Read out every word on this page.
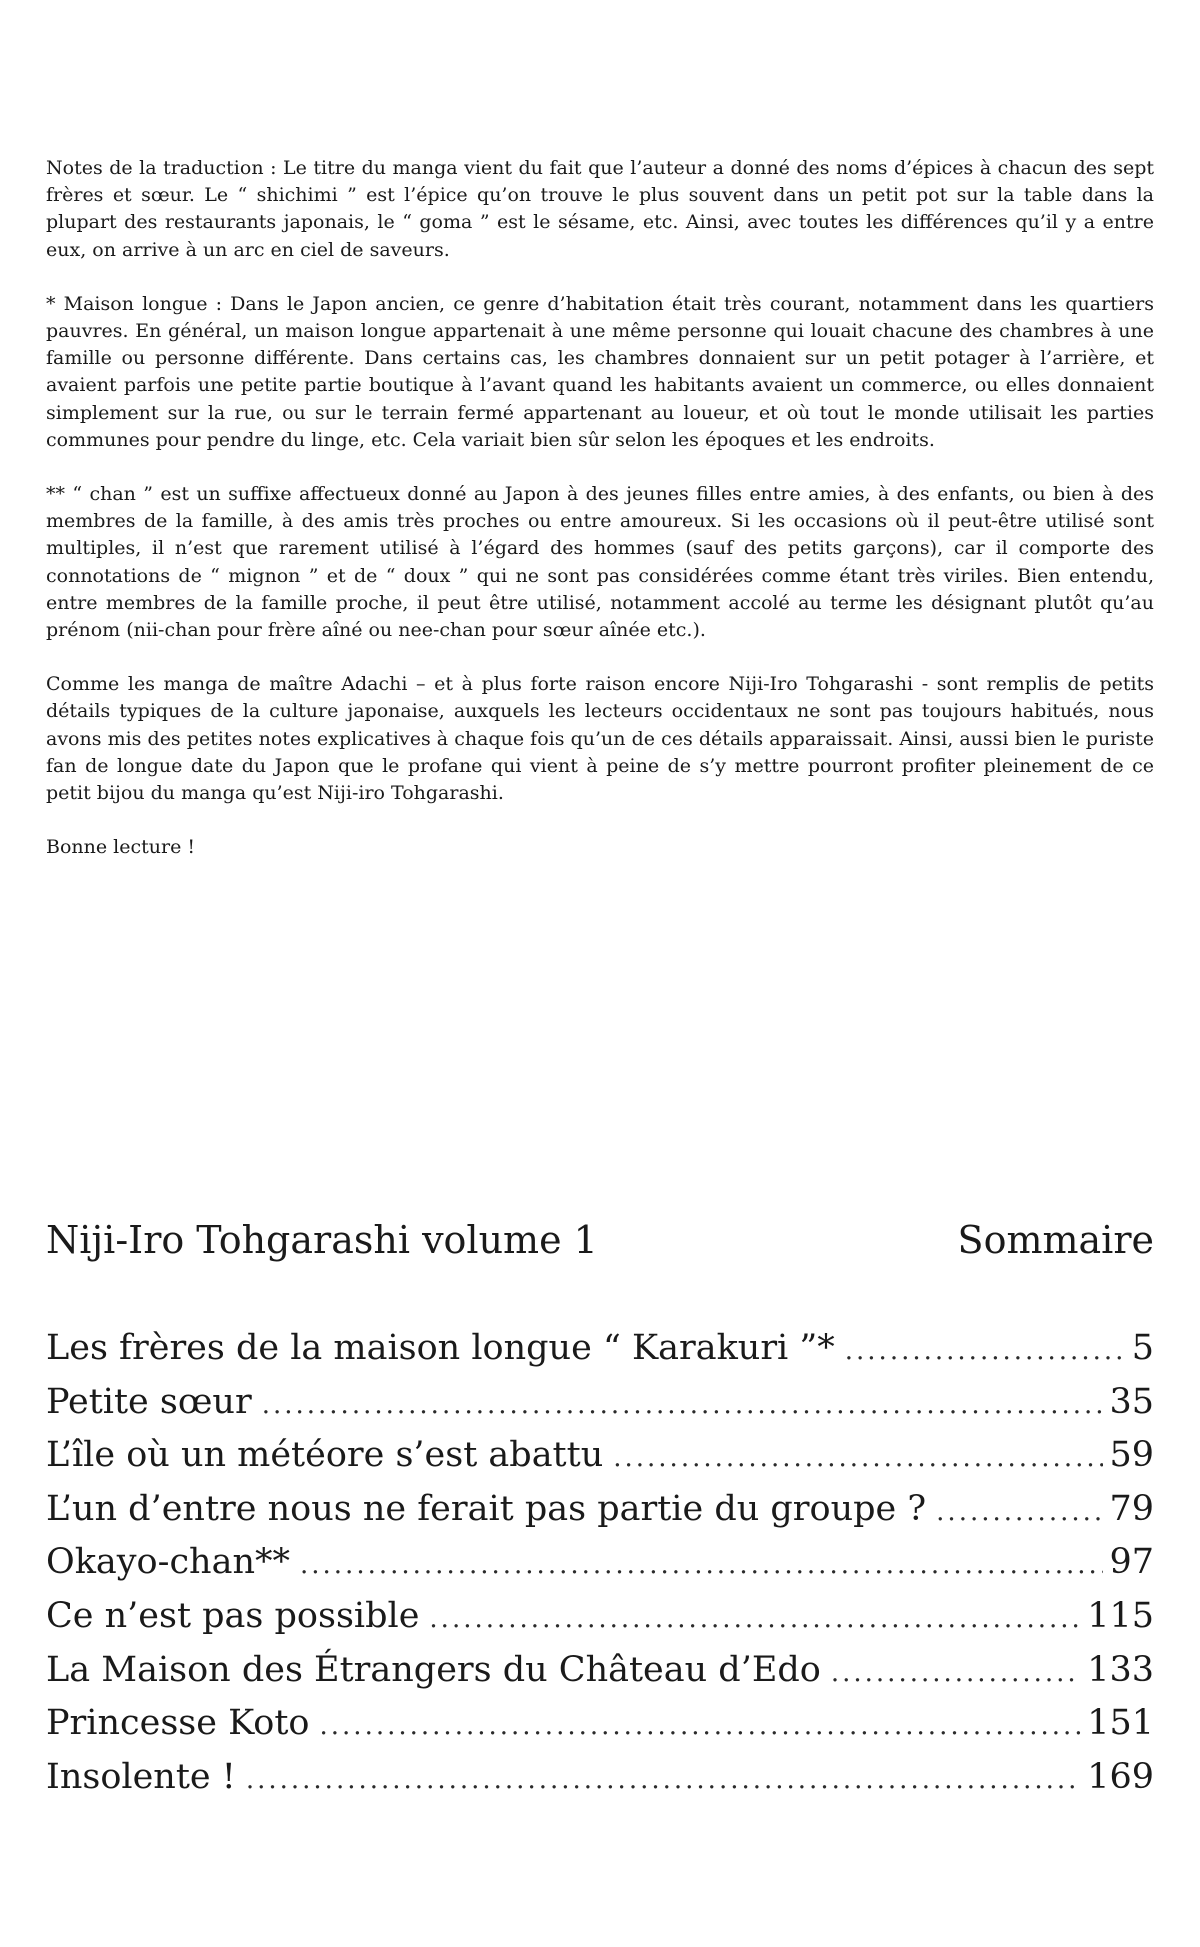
Notes de la traduction : Le titre du manga vient du fait que l’auteur a donné des noms d’épices à chacun des sept frères et sœur. Le “ shichimi ” est l’épice qu’on trouve le plus souvent dans un petit pot sur la table dans la plupart des restaurants japonais, le “ goma ” est le sésame, etc. Ainsi, avec toutes les différences qu’il y a entre eux, on arrive à un arc en ciel de saveurs.

* Maison longue : Dans le Japon ancien, ce genre d’habitation était très courant, notamment dans les quartiers pauvres. En général, un maison longue appartenait à une même personne qui louait chacune des chambres à une famille ou personne différente. Dans certains cas, les chambres donnaient sur un petit potager à l’arrière, et avaient parfois une petite partie boutique à l’avant quand les habitants avaient un commerce, ou elles donnaient simplement sur la rue, ou sur le terrain fermé appartenant au loueur, et où tout le monde utilisait les parties communes pour pendre du linge, etc. Cela variait bien sûr selon les époques et les endroits.

** “ chan ” est un suffixe affectueux donné au Japon à des jeunes filles entre amies, à des enfants, ou bien à des membres de la famille, à des amis très proches ou entre amoureux. Si les occasions où il peut-être utilisé sont multiples, il n’est que rarement utilisé à l’égard des hommes (sauf des petits garçons), car il comporte des connotations de “ mignon ” et de “ doux ” qui ne sont pas considérées comme étant très viriles. Bien entendu, entre membres de la famille proche, il peut être utilisé, notamment accolé au terme les désignant plutôt qu’au prénom (nii-chan pour frère aîné ou nee-chan pour sœur aînée etc.).

Comme les manga de maître Adachi – et à plus forte raison encore Niji-Iro Tohgarashi - sont remplis de petits détails typiques de la culture japonaise, auxquels les lecteurs occidentaux ne sont pas toujours habitués, nous avons mis des petites notes explicatives à chaque fois qu’un de ces détails apparaissait. Ainsi, aussi bien le puriste fan de longue date du Japon que le profane qui vient à peine de s’y mettre pourront profiter pleinement de ce petit bijou du manga qu’est Niji-iro Tohgarashi.

Bonne lecture !

Niji-Iro Tohgarashi volume 1	Sommaire
Les frères de la maison longue “ Karakuri ”* .....	5
Petite sœur .....	35
L’île où un météore s’est abattu .....	59
L’un d’entre nous ne ferait pas partie du groupe ? .....	79
Okayo-chan** .....	97
Ce n’est pas possible .....	115
La Maison des Étrangers du Château d’Edo .....	133
Princesse Koto .....	151
Insolente ! .....	169
